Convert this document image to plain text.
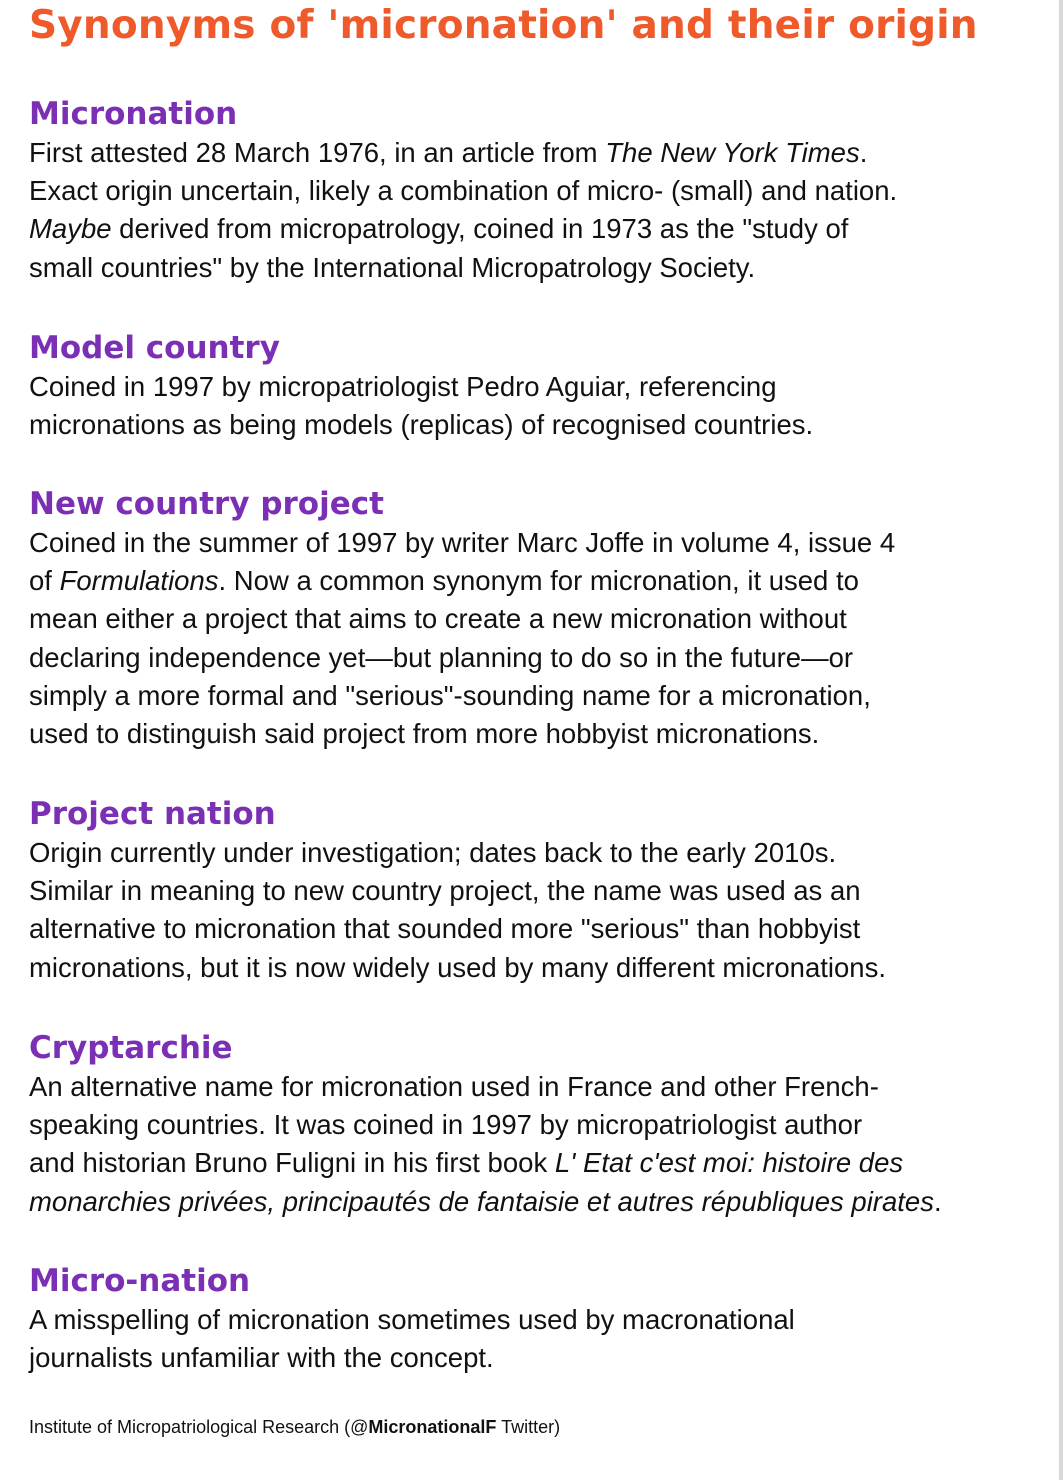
Synonyms of 'micronation' and their origin
Micronation

First attested 28 March 1976, in an article from The New York Times.
Exact origin uncertain, likely a combination of micro- (small) and nation.
Maybe derived from micropatrology, coined in 1973 as the "study of
small countries" by the International Micropatrology Society.

Model country

Coined in 1997 by micropatriologist Pedro Aguiar, referencing
micronations as being models (replicas) of recognised countries.

New country project

Coined in the summer of 1997 by writer Marc Joffe in volume 4, issue 4
of Formulations. Now a common synonym for micronation, it used to
mean either a project that aims to create a new micronation without
declaring independence yet—but planning to do so in the future—or
simply a more formal and "serious"-sounding name for a micronation,
used to distinguish said project from more hobbyist micronations.

Project nation

Origin currently under investigation; dates back to the early 2010s.
Similar in meaning to new country project, the name was used as an
alternative to micronation that sounded more "serious" than hobbyist
micronations, but it is now widely used by many different micronations.

Cryptarchie

An alternative name for micronation used in France and other French-
speaking countries. It was coined in 1997 by micropatriologist author
and historian Bruno Fuligni in his first book L' Etat c'est moi: histoire des
monarchies privées, principautés de fantaisie et autres républiques pirates.

Micro-nation

A misspelling of micronation sometimes used by macronational
journalists unfamiliar with the concept.

Institute of Micropatriological Research (@MicronationalF Twitter)
